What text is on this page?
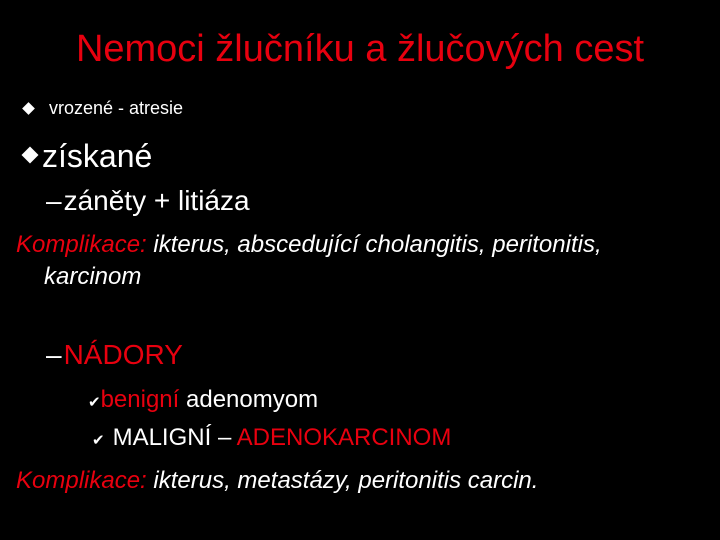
Nemoci žlučníku a žlučových cest
vrozené - atresie
získané
–záněty + litiáza
Komplikace: ikterus, abscedující cholangitis, peritonitis,
karcinom
–NÁDORY
✔benigní adenomyom
✔ MALIGNÍ – ADENOKARCINOM
Komplikace: ikterus, metastázy, peritonitis carcin.
